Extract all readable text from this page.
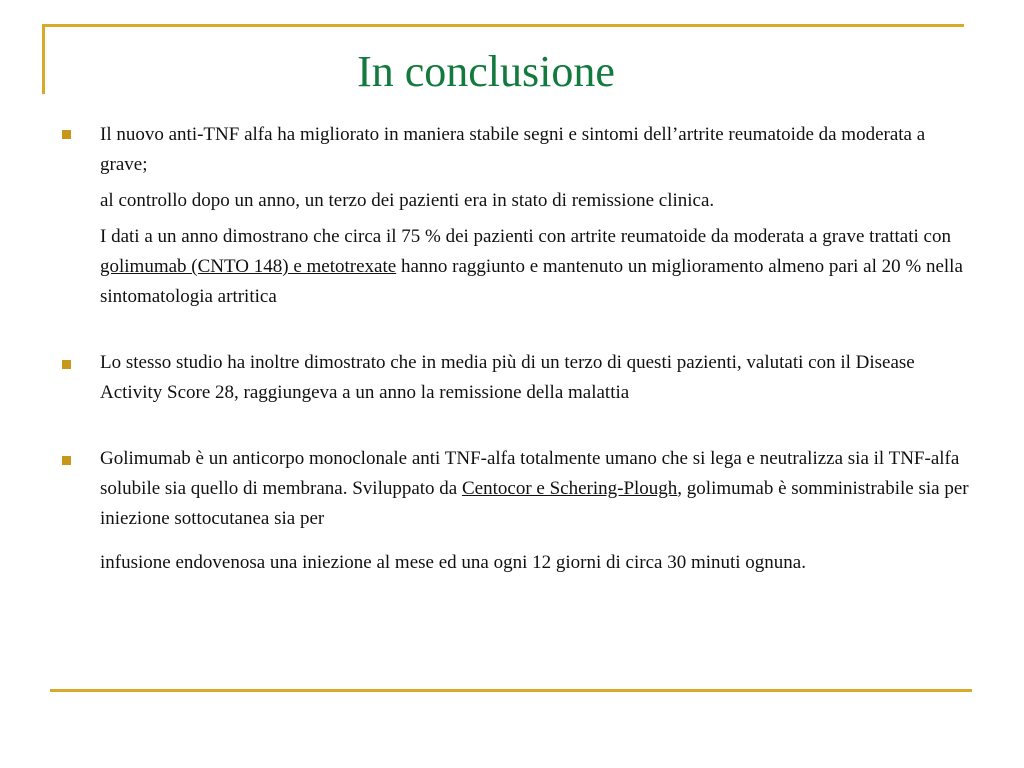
In conclusione

Il nuovo anti-TNF alfa ha migliorato in maniera stabile segni e sintomi dell’artrite reumatoide da moderata a grave;

al controllo dopo un anno, un terzo dei pazienti era in stato di remissione clinica.

I dati a un anno dimostrano che circa il 75 % dei pazienti con artrite reumatoide da moderata a grave trattati con golimumab (CNTO 148) e metotrexate hanno raggiunto e mantenuto un miglioramento almeno pari al 20 % nella sintomatologia artritica

Lo stesso studio ha inoltre dimostrato che in media più di un terzo di questi pazienti, valutati con il Disease Activity Score 28, raggiungeva a un anno la remissione della malattia

Golimumab è un anticorpo monoclonale anti TNF-alfa totalmente umano che si lega e neutralizza sia il TNF-alfa solubile sia quello di membrana. Sviluppato da Centocor e Schering-Plough, golimumab è somministrabile sia per iniezione sottocutanea sia per

infusione endovenosa una iniezione al mese ed una ogni 12 giorni di circa 30 minuti ognuna.
